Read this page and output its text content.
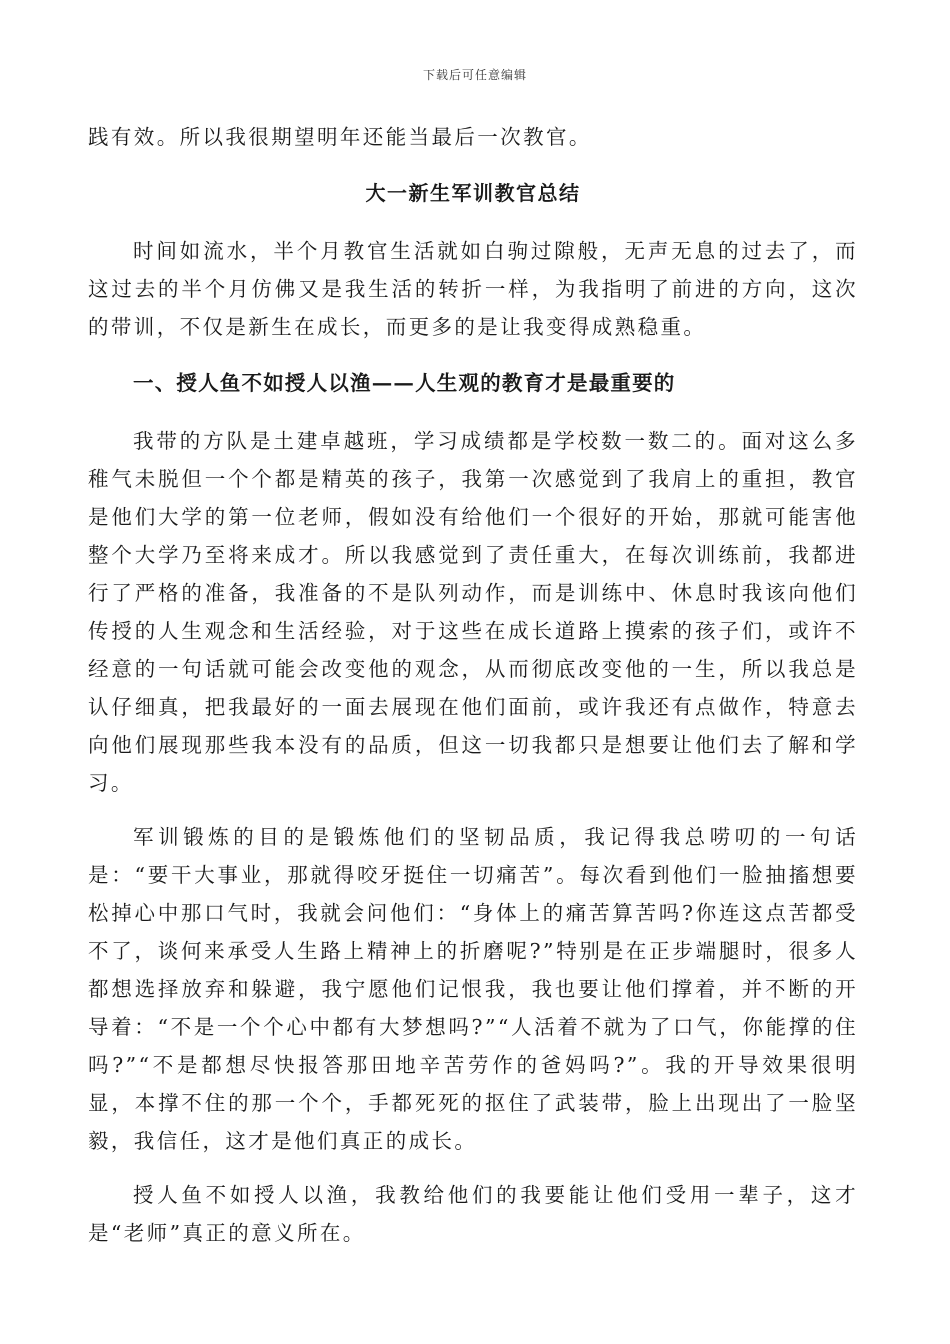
下载后可任意编辑

践有效。所以我很期望明年还能当最后一次教官。

大一新生军训教官总结

时间如流水，半个月教官生活就如白驹过隙般，无声无息的过去了，而这过去的半个月仿佛又是我生活的转折一样，为我指明了前进的方向，这次的带训，不仅是新生在成长，而更多的是让我变得成熟稳重。

一、授人鱼不如授人以渔——人生观的教育才是最重要的

我带的方队是土建卓越班，学习成绩都是学校数一数二的。面对这么多稚气未脱但一个个都是精英的孩子，我第一次感觉到了我肩上的重担，教官是他们大学的第一位老师，假如没有给他们一个很好的开始，那就可能害他整个大学乃至将来成才。所以我感觉到了责任重大，在每次训练前，我都进行了严格的准备，我准备的不是队列动作，而是训练中、休息时我该向他们传授的人生观念和生活经验，对于这些在成长道路上摸索的孩子们，或许不经意的一句话就可能会改变他的观念，从而彻底改变他的一生，所以我总是认仔细真，把我最好的一面去展现在他们面前，或许我还有点做作，特意去向他们展现那些我本没有的品质，但这一切我都只是想要让他们去了解和学习。

军训锻炼的目的是锻炼他们的坚韧品质，我记得我总唠叨的一句话是：“要干大事业，那就得咬牙挺住一切痛苦”。每次看到他们一脸抽搐想要松掉心中那口气时，我就会问他们：“身体上的痛苦算苦吗?你连这点苦都受不了，谈何来承受人生路上精神上的折磨呢?”特别是在正步端腿时，很多人都想选择放弃和躲避，我宁愿他们记恨我，我也要让他们撑着，并不断的开导着：“不是一个个心中都有大梦想吗?”“人活着不就为了口气，你能撑的住吗?”“不是都想尽快报答那田地辛苦劳作的爸妈吗?”。我的开导效果很明显，本撑不住的那一个个，手都死死的抠住了武装带，脸上出现出了一脸坚毅，我信任，这才是他们真正的成长。

授人鱼不如授人以渔，我教给他们的我要能让他们受用一辈子，这才是“老师”真正的意义所在。
